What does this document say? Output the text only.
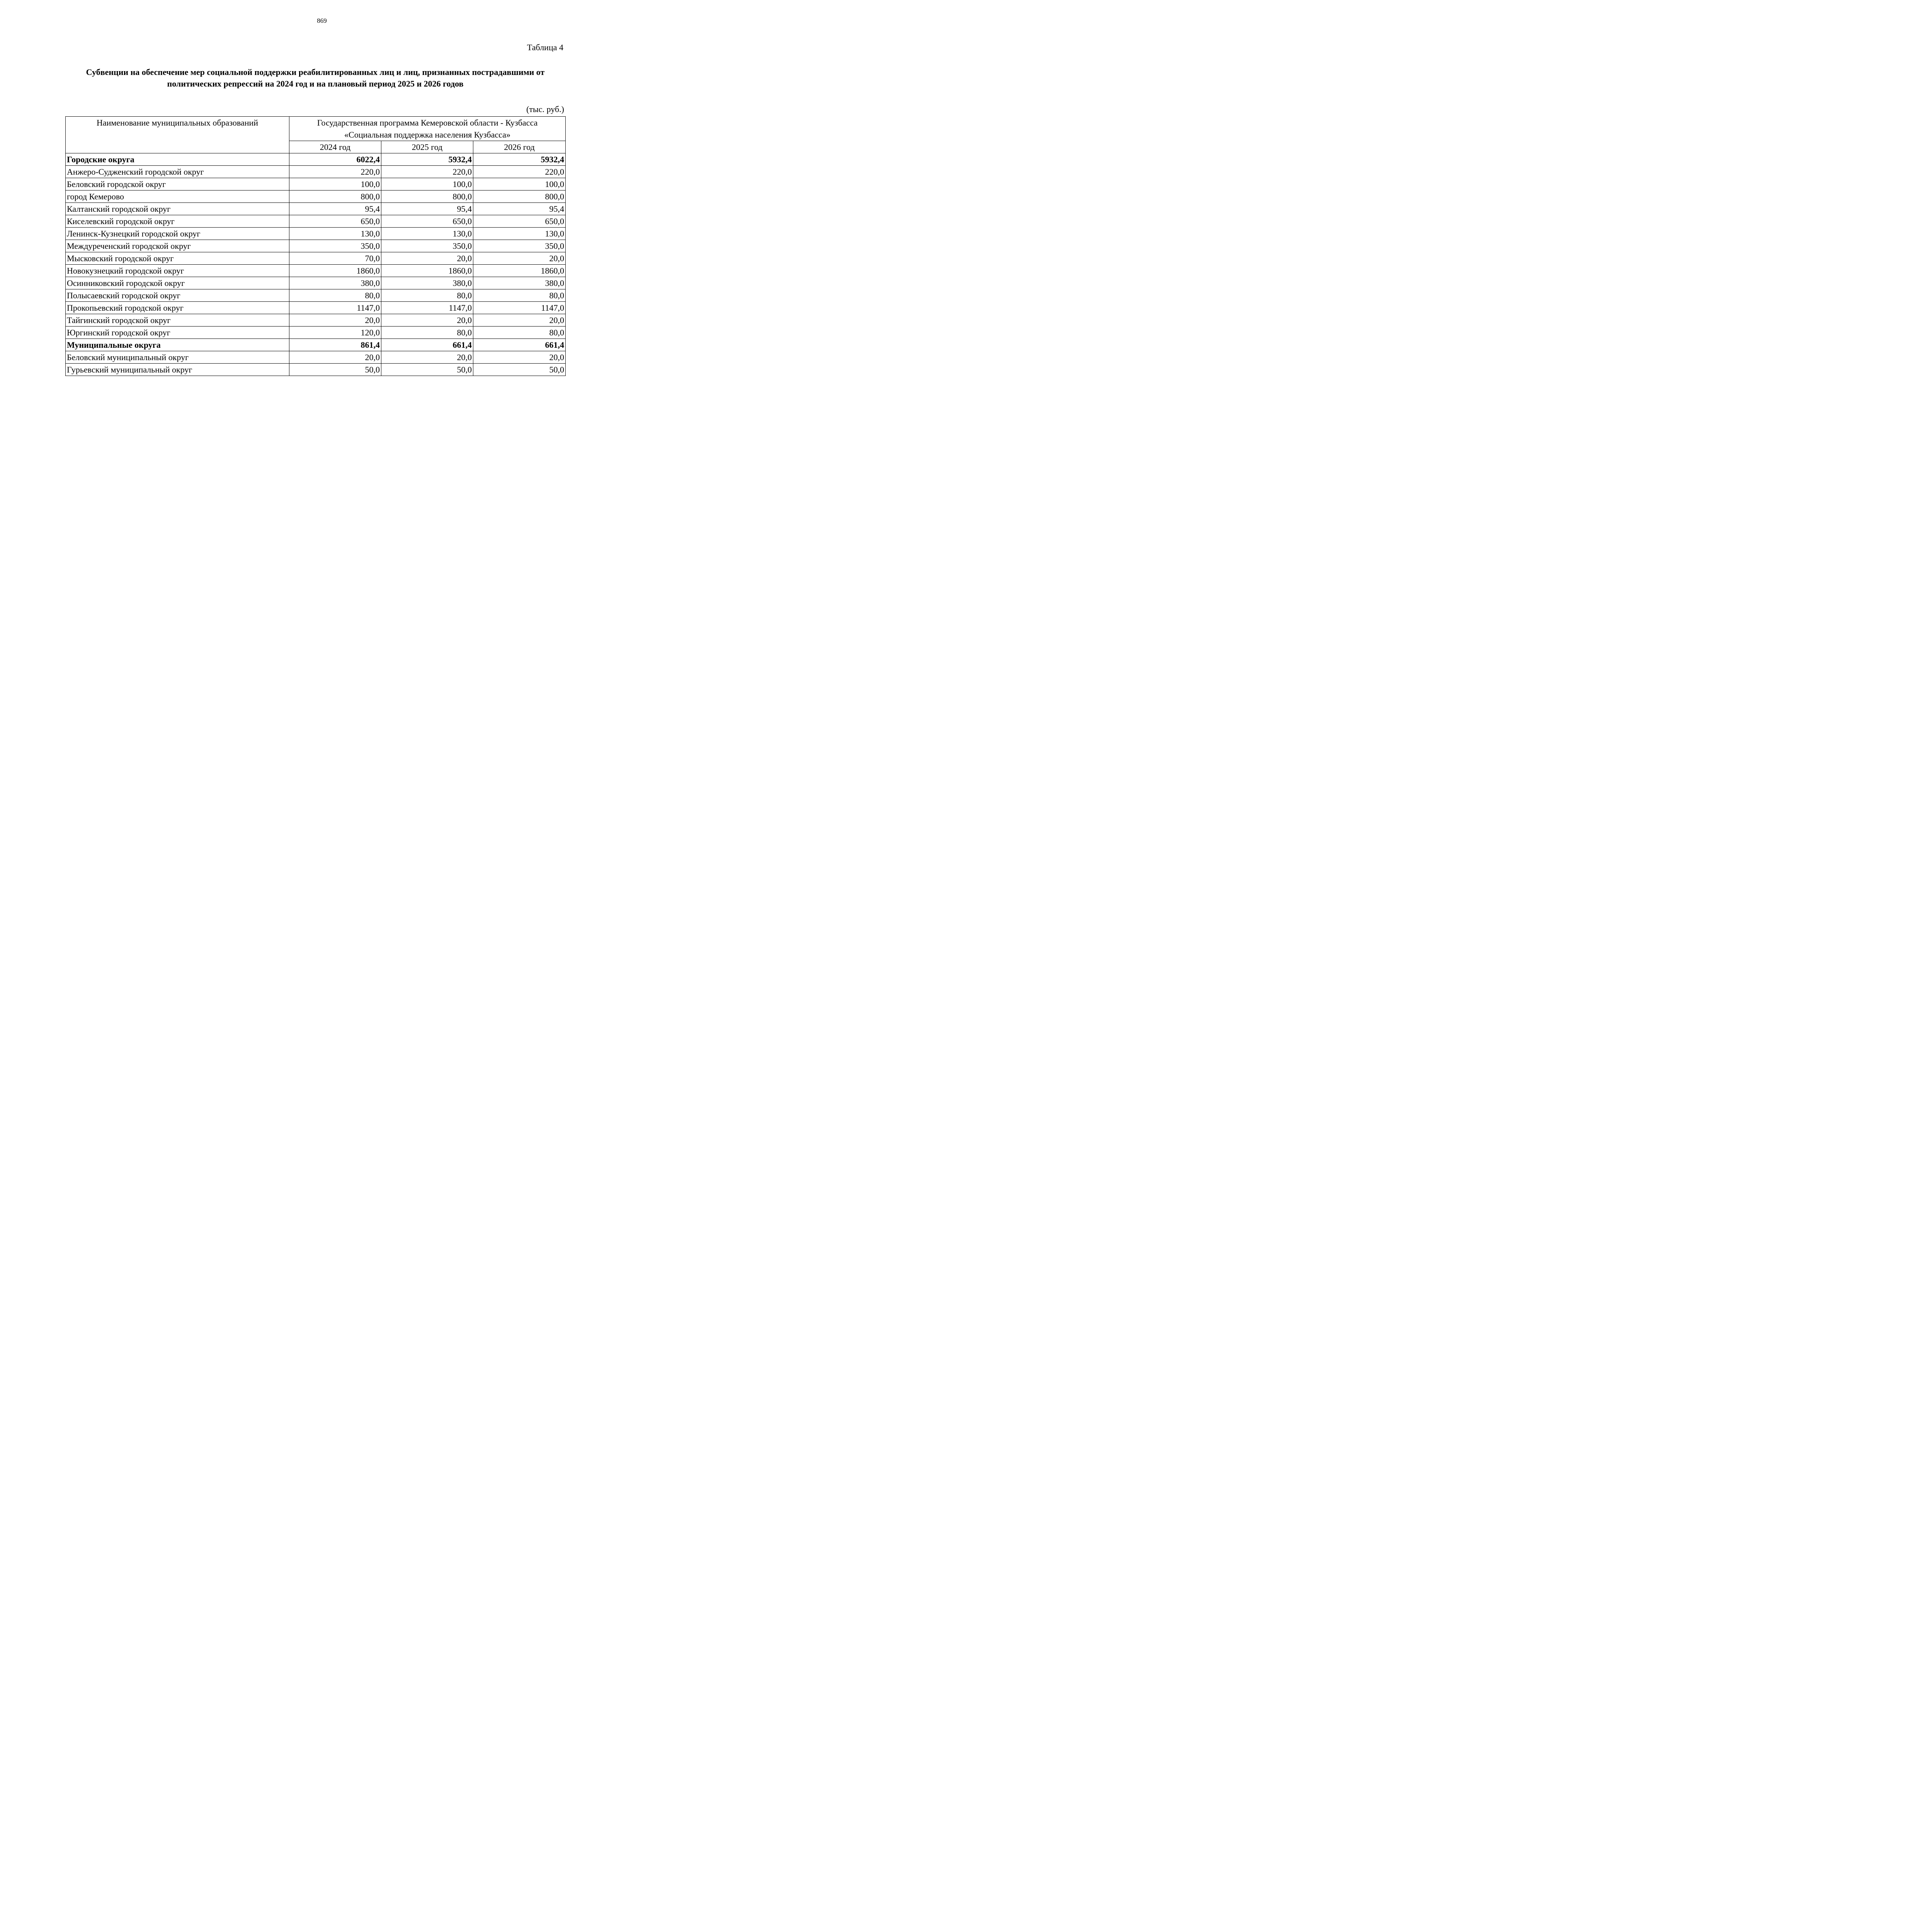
869
Таблица 4
Субвенции на обеспечение мер социальной поддержки реабилитированных лиц и лиц, признанных пострадавшими от политических репрессий на 2024 год и на плановый период 2025 и 2026 годов
(тыс. руб.)
Наименование муниципальных образований	Государственная программа Кемеровской области - Кузбасса «Социальная поддержка населения Кузбасса»		

	2024 год	2025 год	2026 год
Городские округа	6022,4	5932,4	5932,4
Анжеро-Судженский городской округ	220,0	220,0	220,0
Беловский городской округ	100,0	100,0	100,0
город Кемерово	800,0	800,0	800,0
Калтанский городской округ	95,4	95,4	95,4
Киселевский городской округ	650,0	650,0	650,0
Ленинск-Кузнецкий городской округ	130,0	130,0	130,0
Междуреченский городской округ	350,0	350,0	350,0
Мысковский городской округ	70,0	20,0	20,0
Новокузнецкий городской округ	1860,0	1860,0	1860,0
Осинниковский городской округ	380,0	380,0	380,0
Полысаевский городской округ	80,0	80,0	80,0
Прокопьевский городской округ	1147,0	1147,0	1147,0
Тайгинский городской округ	20,0	20,0	20,0
Юргинский городской округ	120,0	80,0	80,0
Муниципальные округа	861,4	661,4	661,4
Беловский муниципальный округ	20,0	20,0	20,0
Гурьевский муниципальный округ	50,0	50,0	50,0
